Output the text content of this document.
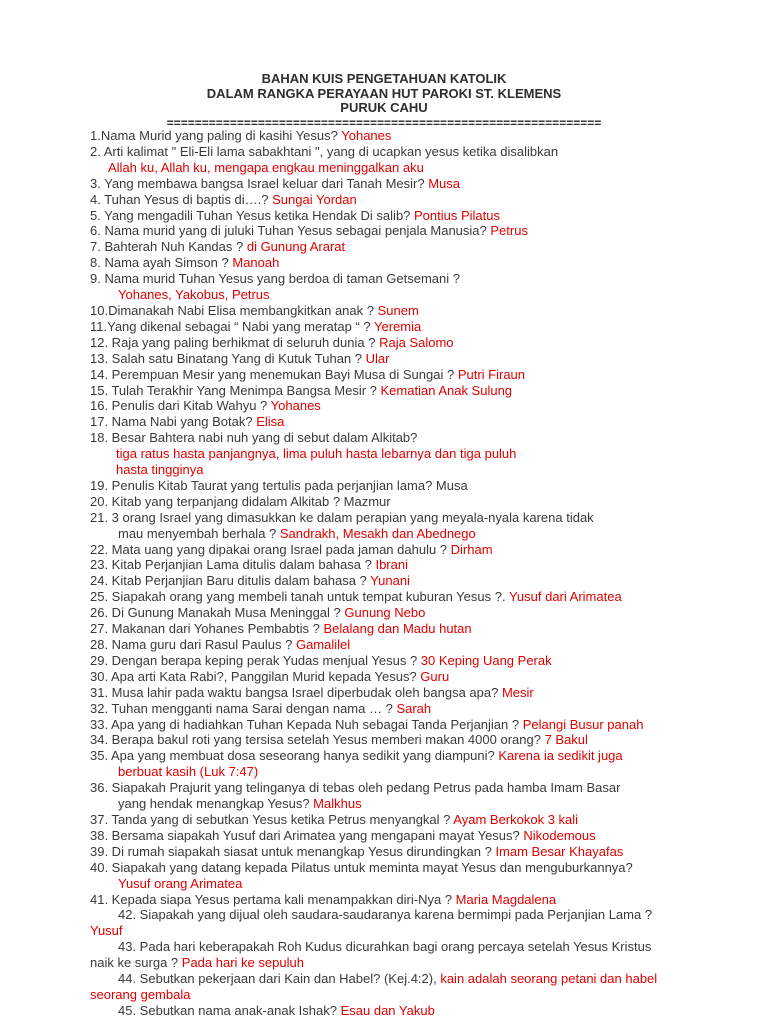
BAHAN KUIS PENGETAHUAN KATOLIK
DALAM RANGKA PERAYAAN HUT PAROKI ST. KLEMENS
PURUK CAHU
==============================================================
1.Nama Murid yang paling di kasihi Yesus? Yohanes
2. Arti kalimat " Eli-Eli lama sabakhtani ", yang di ucapkan yesus ketika disalibkan
Allah ku, Allah ku, mengapa engkau meninggalkan aku
3. Yang membawa bangsa Israel keluar dari Tanah Mesir? Musa
4. Tuhan Yesus di baptis di….? Sungai Yordan
5. Yang mengadili Tuhan Yesus ketika Hendak Di salib? Pontius Pilatus
6. Nama murid yang di juluki Tuhan Yesus sebagai penjala Manusia? Petrus
7. Bahterah Nuh Kandas ? di Gunung Ararat
8. Nama ayah Simson ? Manoah
9. Nama murid Tuhan Yesus yang berdoa di taman Getsemani ?
Yohanes, Yakobus, Petrus
10.Dimanakah Nabi Elisa membangkitkan anak ? Sunem
11.Yang dikenal sebagai “ Nabi yang meratap “ ? Yeremia
12. Raja yang paling berhikmat di seluruh dunia ? Raja Salomo
13. Salah satu Binatang Yang di Kutuk Tuhan ? Ular
14. Perempuan Mesir yang menemukan Bayi Musa di Sungai ? Putri Firaun
15. Tulah Terakhir Yang Menimpa Bangsa Mesir ? Kematian Anak Sulung
16. Penulis dari Kitab Wahyu ? Yohanes
17. Nama Nabi yang Botak? Elisa
18. Besar Bahtera nabi nuh yang di sebut dalam Alkitab?
tiga ratus hasta panjangnya, lima puluh hasta lebarnya dan tiga puluh
hasta tingginya
19. Penulis Kitab Taurat yang tertulis pada perjanjian lama? Musa
20. Kitab yang terpanjang didalam Alkitab ? Mazmur
21. 3 orang Israel yang dimasukkan ke dalam perapian yang meyala-nyala karena tidak
mau menyembah berhala ? Sandrakh, Mesakh dan Abednego
22. Mata uang yang dipakai orang Israel pada jaman dahulu ? Dirham
23. Kitab Perjanjian Lama ditulis dalam bahasa ? Ibrani
24. Kitab Perjanjian Baru ditulis dalam bahasa ? Yunani
25. Siapakah orang yang membeli tanah untuk tempat kuburan Yesus ?. Yusuf dari Arimatea
26. Di Gunung Manakah Musa Meninggal ? Gunung Nebo
27. Makanan dari Yohanes Pembabtis ? Belalang dan Madu hutan
28. Nama guru dari Rasul Paulus ? Gamalilel
29. Dengan berapa keping perak Yudas menjual Yesus ? 30 Keping Uang Perak
30. Apa arti Kata Rabi?, Panggilan Murid kepada Yesus? Guru
31. Musa lahir pada waktu bangsa Israel diperbudak oleh bangsa apa? Mesir
32. Tuhan mengganti nama Sarai dengan nama … ? Sarah
33. Apa yang di hadiahkan Tuhan Kepada Nuh sebagai Tanda Perjanjian ? Pelangi Busur panah
34. Berapa bakul roti yang tersisa setelah Yesus memberi makan 4000 orang? 7 Bakul
35. Apa yang membuat dosa seseorang hanya sedikit yang diampuni? Karena ia sedikit juga
berbuat kasih (Luk 7:47)
36. Siapakah Prajurit yang telinganya di tebas oleh pedang Petrus pada hamba Imam Basar
yang hendak menangkap Yesus? Malkhus
37. Tanda yang di sebutkan Yesus ketika Petrus menyangkal ? Ayam Berkokok 3 kali
38. Bersama siapakah Yusuf dari Arimatea yang mengapani mayat Yesus? Nikodemous
39. Di rumah siapakah siasat untuk menangkap Yesus dirundingkan ? Imam Besar Khayafas
40. Siapakah yang datang kepada Pilatus untuk meminta mayat Yesus dan menguburkannya?
Yusuf orang Arimatea
41. Kepada siapa Yesus pertama kali menampakkan diri-Nya ? Maria Magdalena
42. Siapakah yang dijual oleh saudara-saudaranya karena bermimpi pada Perjanjian Lama ?
Yusuf
43. Pada hari keberapakah Roh Kudus dicurahkan bagi orang percaya setelah Yesus Kristus
naik ke surga ? Pada hari ke sepuluh
44. Sebutkan pekerjaan dari Kain dan Habel? (Kej.4:2), kain adalah seorang petani dan habel
seorang gembala
45. Sebutkan nama anak-anak Ishak? Esau dan Yakub
